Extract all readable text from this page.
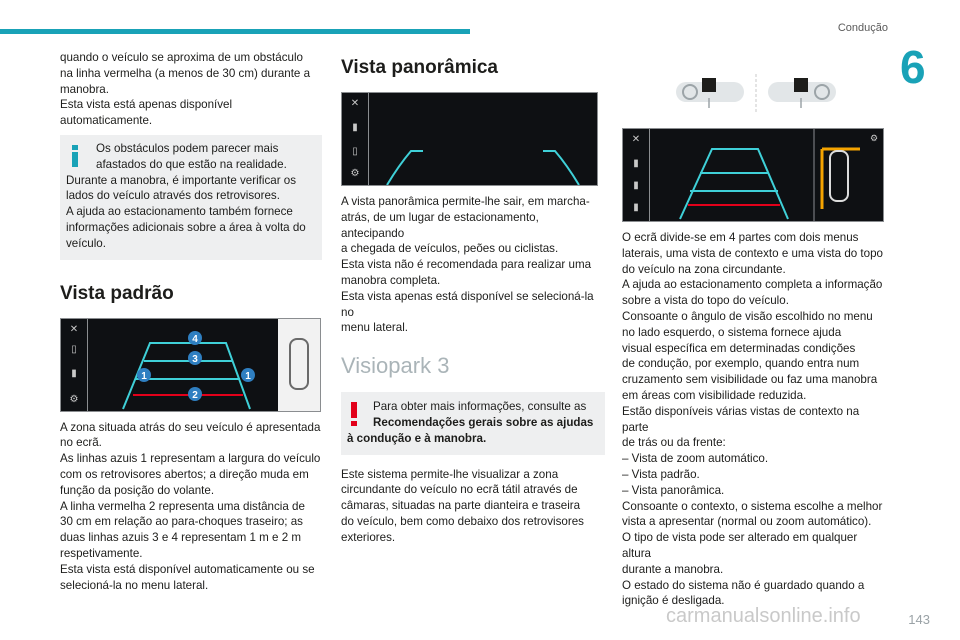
Condução
6

quando o veículo se aproxima de um obstáculo

na linha vermelha (a menos de 30 cm) durante a

manobra.

Esta vista está apenas disponível automaticamente.

Os obstáculos podem parecer mais

afastados do que estão na realidade.

Durante a manobra, é importante verificar os

lados do veículo através dos retrovisores.

A ajuda ao estacionamento também fornece

informações adicionais sobre a área à volta do

veículo.

Vista padrão
✕
▯
▮
⚙
4
3
1	1
2

A zona situada atrás do seu veículo é apresentada

no ecrã.

As linhas azuis 1 representam a largura do veículo

com os retrovisores abertos; a direção muda em

função da posição do volante.

A linha vermelha 2 representa uma distância de

30 cm em relação ao para-choques traseiro; as

duas linhas azuis 3 e 4 representam 1 m e 2 m

respetivamente.

Esta vista está disponível automaticamente ou se

selecioná-la no menu lateral.

Vista panorâmica
✕
▮
▯
⚙

A vista panorâmica permite-lhe sair, em marcha-

atrás, de um lugar de estacionamento, antecipando

a chegada de veículos, peões ou ciclistas.

Esta vista não é recomendada para realizar uma

manobra completa.

Esta vista apenas está disponível se selecioná-la no

menu lateral.

Visiopark 3

Para obter mais informações, consulte as

Recomendações gerais sobre as ajudas

à condução e à manobra.

Este sistema permite-lhe visualizar a zona

circundante do veículo no ecrã tátil através de

câmaras, situadas na parte dianteira e traseira

do veículo, bem como debaixo dos retrovisores

exteriores.

✕
▮
▮
▮
⚙

O ecrã divide-se em 4 partes com dois menus

laterais, uma vista de contexto e uma vista do topo

do veículo na zona circundante.

A ajuda ao estacionamento completa a informação

sobre a vista do topo do veículo.

Consoante o ângulo de visão escolhido no menu

no lado esquerdo, o sistema fornece ajuda

visual específica em determinadas condições

de condução, por exemplo, quando entra num

cruzamento sem visibilidade ou faz uma manobra

em áreas com visibilidade reduzida.

Estão disponíveis várias vistas de contexto na parte

de trás ou da frente:

– Vista de zoom automático.

– Vista padrão.

– Vista panorâmica.

Consoante o contexto, o sistema escolhe a melhor

vista a apresentar (normal ou zoom automático).

O tipo de vista pode ser alterado em qualquer altura

durante a manobra.

O estado do sistema não é guardado quando a

ignição é desligada.

carmanualsonline.info	143
